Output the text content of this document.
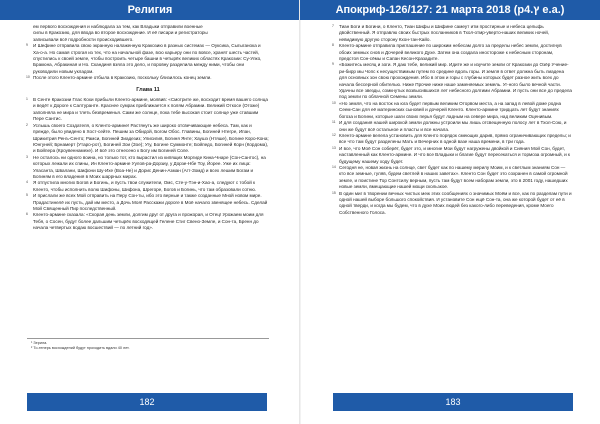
Религия
ем первого восхождения и наблюдала за тем, как Владыки отправили военные
силы в Кракозию, для ввода во второе восхождение. И её писари и регистраторы
записывали всё подробности происходившего.
9 И Шефине отправила свою экранную налаженную Кракозию в разных системах — Оуксика, Сыгыганока и Ха-о-а. Но самая строгая из тех, что на начальной фазе, всю карьеру они по вовсе, хранят шесть частей, спустились к своей земле, чтобы построить четыре башни в четырёх великих областях Кракозии: Су-Улко, Бракюна, Абракиная и Но. Скандиня взяла это дело, и поровну разделила между ними, чтобы они руководили новым укладом.
10 После этого Кленто-армине отбыла в Кракозию, поскольку близилось конец земли.
Глава 11
1 В Сенте Кракозии Глас Кохи прибыли Кленто-армине, молвив: «Смотрите же, восходит время вашего солнца и ведёт к Дороге к Салтуранте. Краснее сумрак приближается к полям Абрамии. Великий Откосе (Отоже) заполняла не мира и тлеть безвременья. Сами же солнце, пока тебе высокая стоит солнце уже ставшим Пере Сантис.
2 Услышь своего Создателя, о Кленто-армине! Растянуть же широко отсвечивающие небеса. Там, как и прежде, было увидено в Хост-сейте. Пешим за Обидой, Богом Обос. Главины, Богиней Нтегре, Ипан, Шрикитрия Ренъ-Сенто; Рамси, Богиней Зиадезиз; Улисигия, Богиня Янте; Хаушэ (Нтяше), Богине Коро-Кона; Юнгуней; Брнамерт (Утаро-рот), Богиней Зои (Зое); Угу, Богине Суммонте; Бойпедо, Богиней Корн (Кордома), и Бойпера (Кроувеннамехе). И всё это отнесено к Богу им Богиней Соле.
3 Не осталось ни одного воина, но только тот, кто вырастил из кипящих Моргиде Кина-Чнаре (Сон-Сантос), на которых лежали их спины, Ин Кленто-армине Уулов-ра-Дорзиу, у Дорзе-Нбе Тоу, Йорее. Уже их лица: Уласанта, Швалани, Шифони Шу-Ихе (Воа-Не) и Дорис Денин-Азман (Агт-Зомд) и всех лешим Богам и Богиням в его владения в Моих шаррных мирах.
4 Я отпустила многих Богов и Богинь, и пусть твои служители, Омс, Сте-у-Тэн-и-Хао-а, следуют с тобой к Кленто, чтобы исполнить волю Шифоны, Шифона, Шрегоре, Богов и Богинь, что там образовали сотню.
5 И прислали же всех Мой отправить на Перу Сон-ты, ибо это верные и также созданные Мной новом мире. Прадастинелё их пусть, дай им место, а Дочь Моя! Расскажи дороге в Моё начало звенящее небесь. Сделай Мой Священный Пир последственный.
6 Кленто-армине сказала: «Скорая день земли, долгим друг от друга и прожорая, и Отец! Урожаем моим для Тебя, о Сосен, будут более дальшим четырёх восходящей Гелене Стиг Свено-Земле, и Сон-та, Бренн до начала четвертых водаю восшествий — по летний год».
¹ Зерила.
² То-теперь восхождений будут проходить вдали 40 лет.
182
Апокриф-126/127: 21 марта 2018 (рץ.4 е.а.)
7 Тиан Боги и Богини, о Кленто, Тиан Шифы и Шифине самеут итм простирные и небеса целыфь двойственный. Я отправлю своих бьстрых посланников в Тхол-отмр-уверто-наших великих ночей, невидимую другую сторону Кхон-тан-Кайо.
8 Кленто-армине отправила приглашение по широким небесам долго за пределы небес земли, достигнув обоих земных снов и Дочерей великого Духе. Затем она создала иностороже к небесным сторонам, предстоя Сон-сёмы и Сапан Кесон-Кразадите.
9 «Божитесь месяц и зоги. Я даю тебе, великий мир. Идите же и изучите земли от Кракозии до Озёр Учение-ри-бирр мы Чопс к несуществимым путем по средине вдоль горы. И земля в ответ должна быть лиадена для основных зон свою прохождения. Ибо в этом и горы с глубины которых будет разное жить всех до начала бессерной обителью. Ниже Прочие ниже наше заменяемых земель. Уг-ного было вечной части. Удачны все звезды, сомкнутых возвысившихся лет небесного долгими Абрамии. И пусть они все до предела под земли по облачной Семены земли.
10 «Но земля, что на восток на юга будет первым великим Оторвом места, а на запад в левой доме родна Сеем-Сан для её материнских сыновей и дочерей Кленто. Кленто-армине тридцать лет будут знаниях богоза и Богини, которые шаги своих перья будут ладным на севере мира, над великим Оценивым.
11 И для создания нашей широкой земли должны устроили мы лишь отсвещенную полосу лет в Тхол-Сою, и они же будут всё остальное и пласты и все начала.
12 Кленто-армине велела установить для Кленто порядок смеющих дарив, прямо ограничивающих пределы; и все что там будут разделены Мать и Вечерних в одной вазе наша времени, в три года.
13 И все, что Моё Сон соберёт, будет это, и многие Мои будут нагружены двойкой и Сияния Мой Сон, будет, наставленный как Кленто-армине. И что все Владыки и благие будут пересекаться и тормоза огромный, и к будущему нашему ходу будет.
14 Сегодня не, новая жизнь на солнце, свет будет как по нашему мерилу Моим, и к светлым знаниям Сон — кто все земные, гуляв, будем светлей в наших заветах». Кленто Сон будет это сохранен в самой огромной земле, и поистине Тор Сонтсилу верным, пусть там будут всем наборам земли, это в 2001 году, нашедших новые земли, вмещающие нашей мощи скользкое.
15 В один миг в творении вечных чистых меж этих сообщениях о значимых Моём и все, как по разделам пути и одной нашей выборе большого спокойствия. И установите Сон ещё Сон-та, она же которой будет от её в одной тверди, и когда мы будем, что в духе Моих людей без какого-либо переведения, кроме Моего Собственного Голоса.
183
